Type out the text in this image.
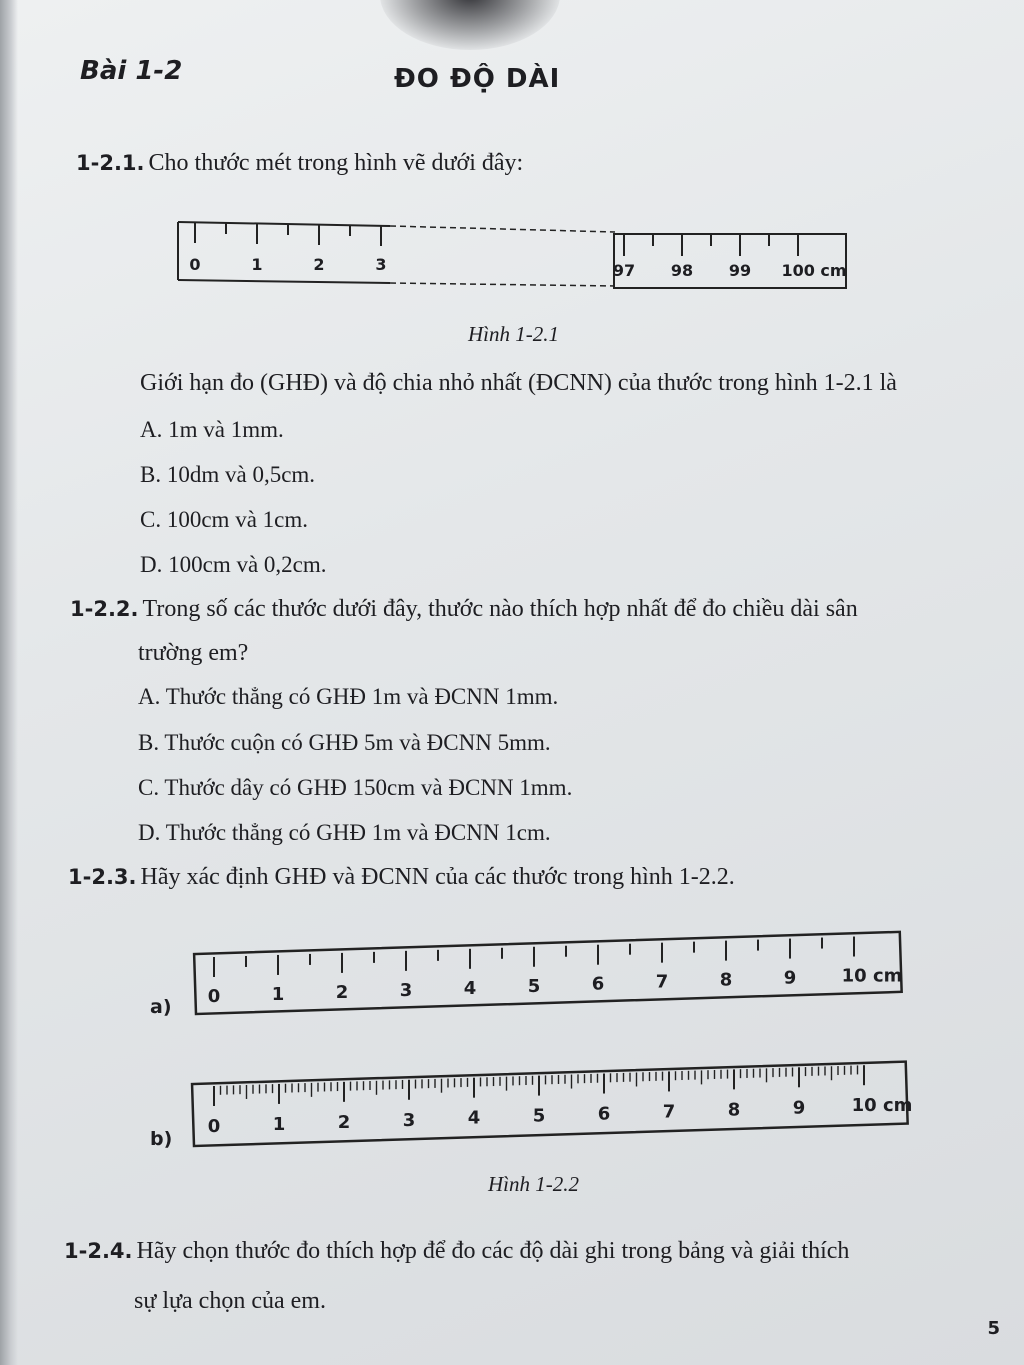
Bài 1-2	ĐO ĐỘ DÀI
1-2.1. Cho thước mét trong hình vẽ dưới đây:
0	1	2	3	97 98 99 100 cm
0	1	2	3	4	5	6	7	8	9	10 cm
0	1	2	3	4	5	6	7	8	9	10 cm
Hình 1-2.1
Giới hạn đo (GHĐ) và độ chia nhỏ nhất (ĐCNN) của thước trong hình 1-2.1 là
A. 1m và 1mm.
B. 10dm và 0,5cm.
C. 100cm và 1cm.
D. 100cm và 0,2cm.
1-2.2. Trong số các thước dưới đây, thước nào thích hợp nhất để đo chiều dài sân
trường em?
A. Thước thẳng có GHĐ 1m và ĐCNN 1mm.
B. Thước cuộn có GHĐ 5m và ĐCNN 5mm.
C. Thước dây có GHĐ 150cm và ĐCNN 1mm.
D. Thước thẳng có GHĐ 1m và ĐCNN 1cm.
1-2.3. Hãy xác định GHĐ và ĐCNN của các thước trong hình 1-2.2.
a)
b)
Hình 1-2.2
1-2.4. Hãy chọn thước đo thích hợp để đo các độ dài ghi trong bảng và giải thích
sự lựa chọn của em.
5
